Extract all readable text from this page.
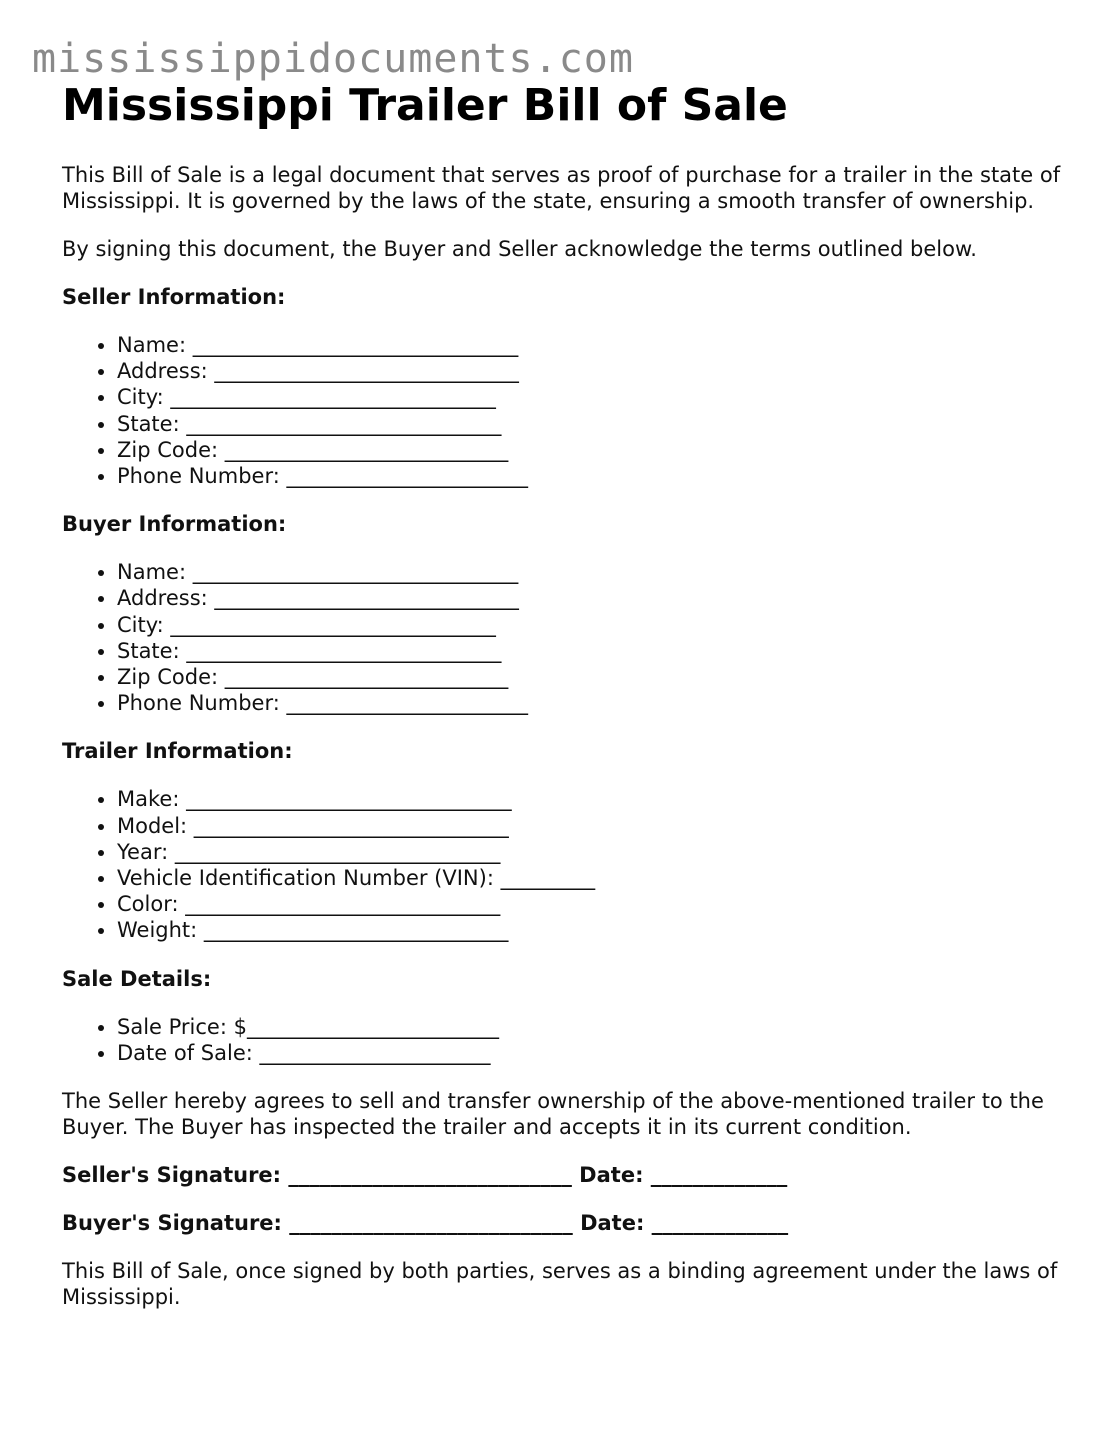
mississippidocuments.com
Mississippi Trailer Bill of Sale

This Bill of Sale is a legal document that serves as proof of purchase for a trailer in the state of Mississippi. It is governed by the laws of the state, ensuring a smooth transfer of ownership.

By signing this document, the Buyer and Seller acknowledge the terms outlined below.

Seller Information:
• Name: _______________________________
• Address: _____________________________
• City: _______________________________
• State: ______________________________
• Zip Code: ___________________________
• Phone Number: _______________________
Buyer Information:
• Name: _______________________________
• Address: _____________________________
• City: _______________________________
• State: ______________________________
• Zip Code: ___________________________
• Phone Number: _______________________
Trailer Information:
• Make: _______________________________
• Model: ______________________________
• Year: _______________________________
• Vehicle Identification Number (VIN): _________
• Color: ______________________________
• Weight: _____________________________
Sale Details:
• Sale Price: $________________________
• Date of Sale: ______________________

The Seller hereby agrees to sell and transfer ownership of the above-mentioned trailer to the Buyer. The Buyer has inspected the trailer and accepts it in its current condition.

Seller's Signature: ___________________________ Date: _____________
Buyer's Signature: ___________________________ Date: _____________

This Bill of Sale, once signed by both parties, serves as a binding agreement under the laws of Mississippi.
